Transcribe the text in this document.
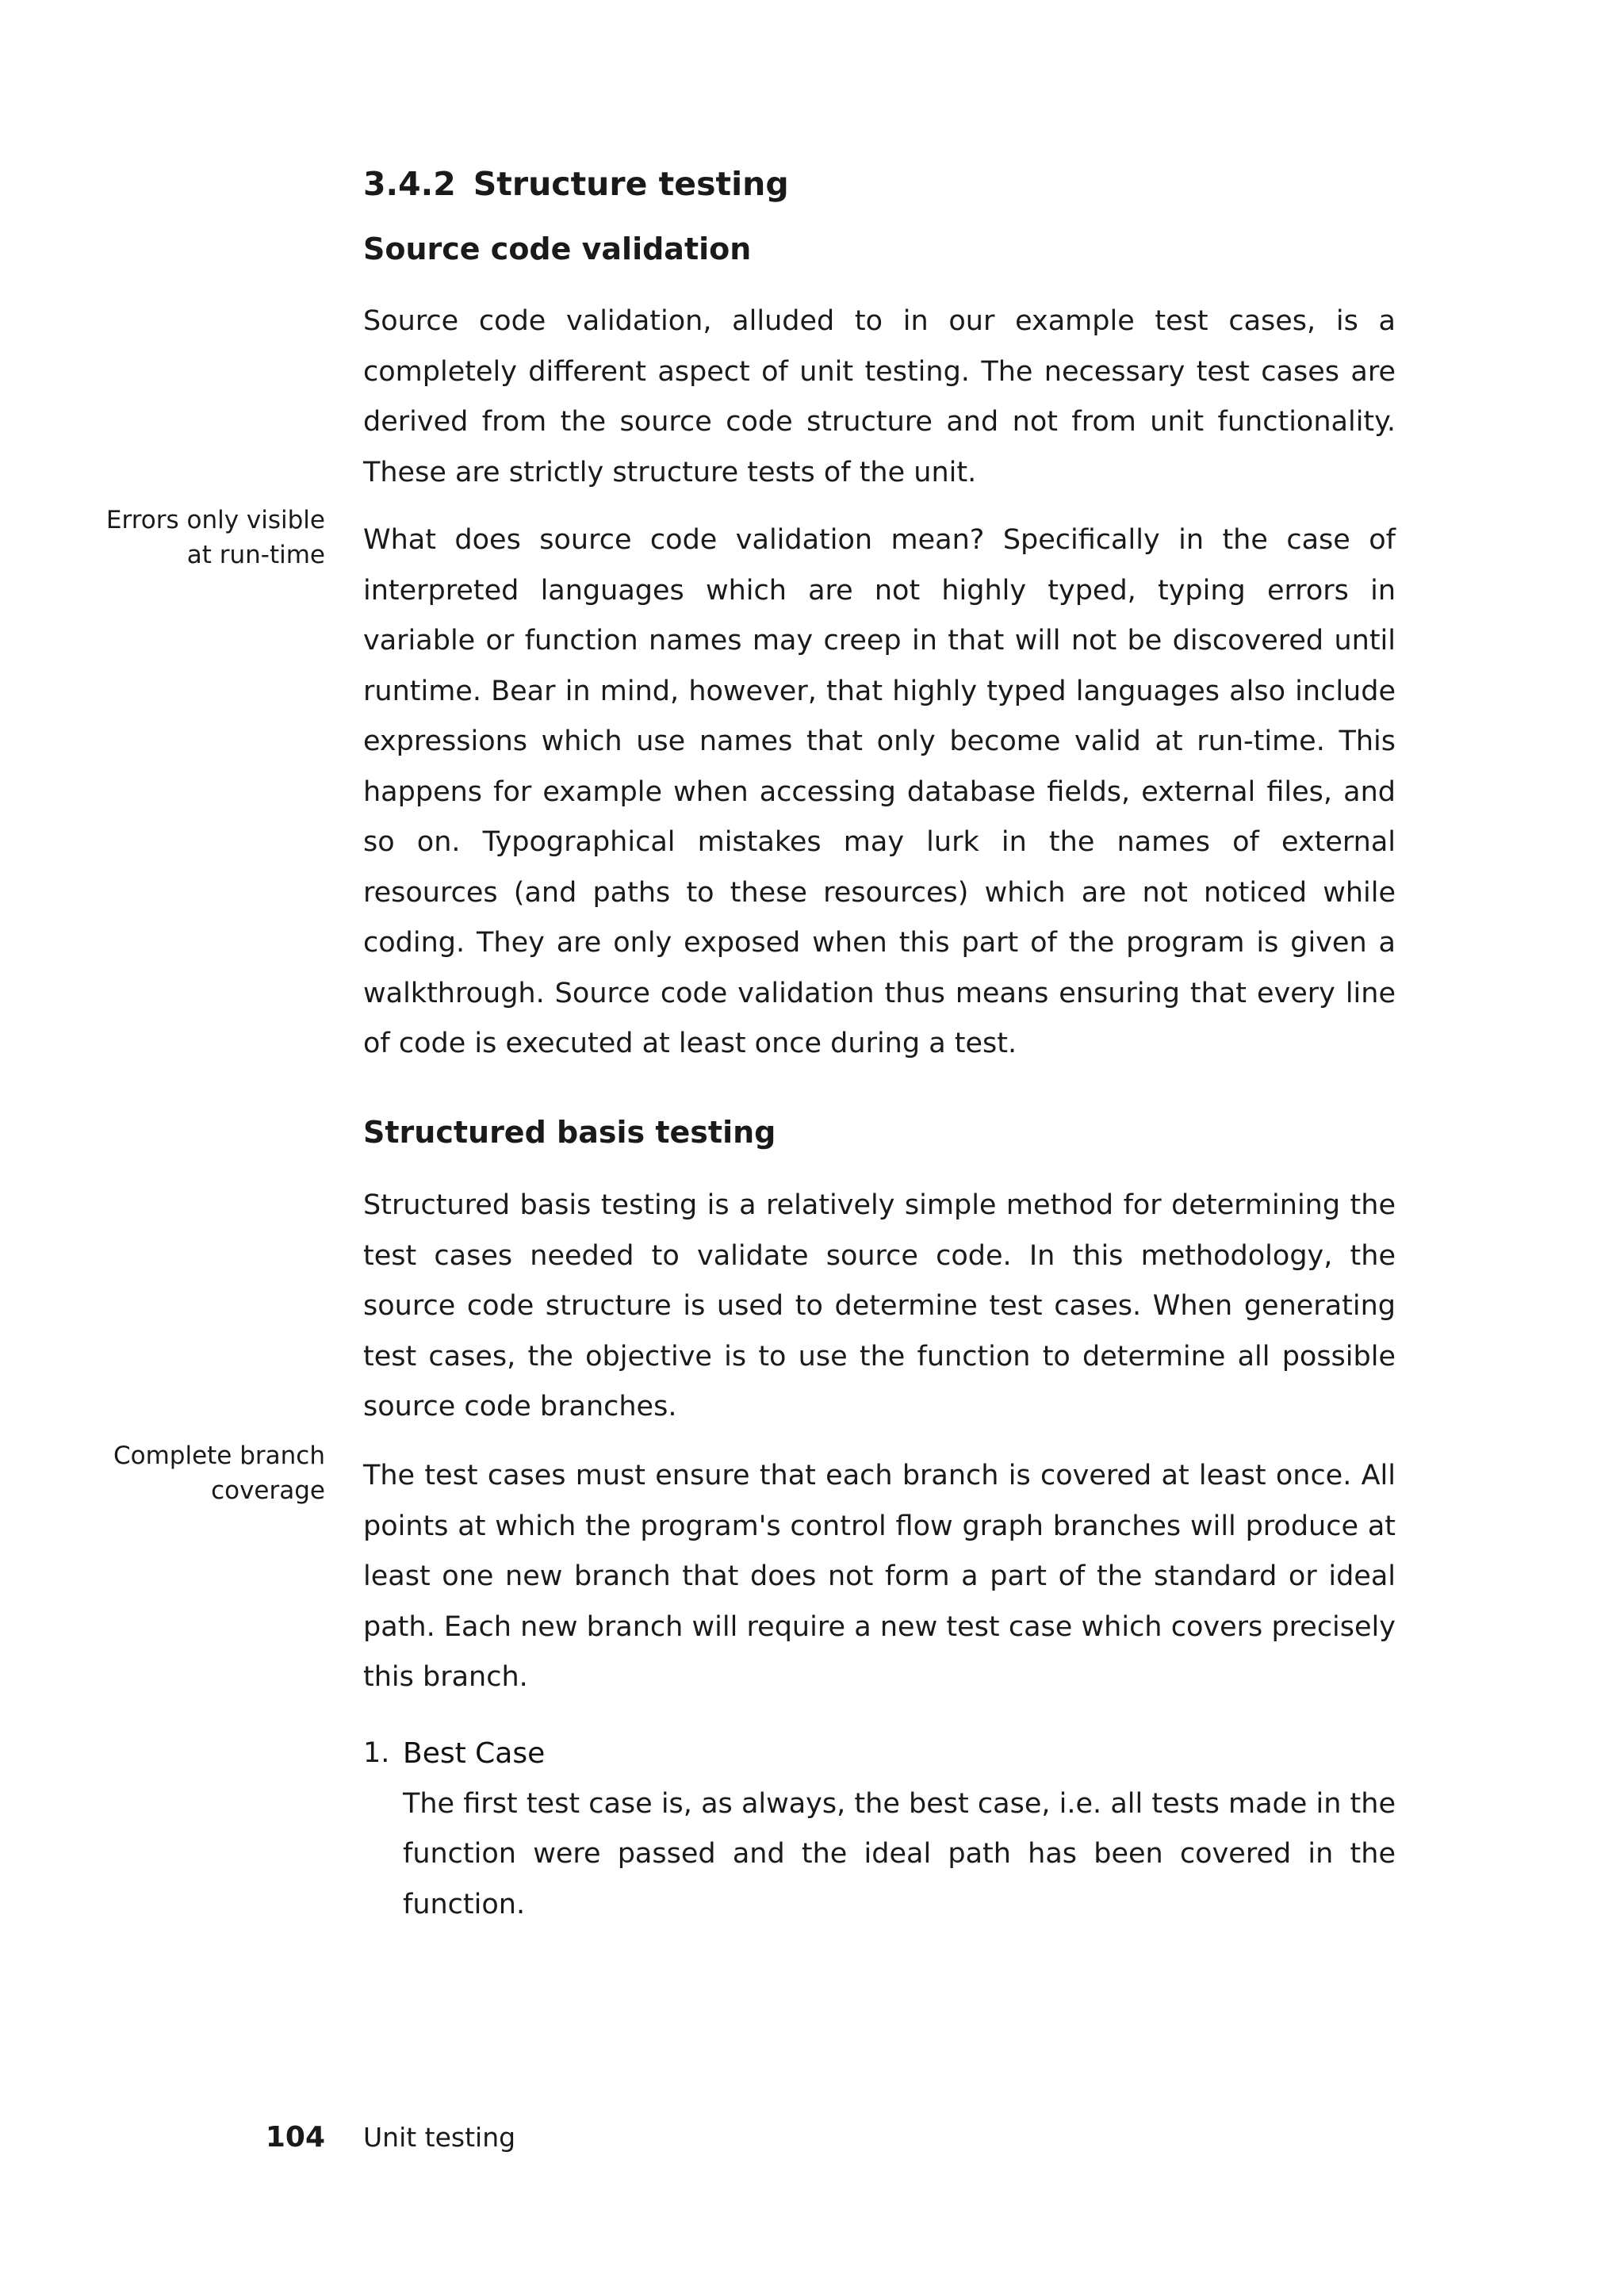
3.4.2 Structure testing
Source code validation

Source code validation, alluded to in our example test cases, is a completely different aspect of unit testing. The necessary test cases are derived from the source code structure and not from unit functionality. These are strictly structure tests of the unit.

Errors only visible
at run-time What does source code validation mean? Specifically in the case of interpreted languages which are not highly typed, typing errors in variable or function names may creep in that will not be discovered until runtime. Bear in mind, however, that highly typed languages also include expressions which use names that only become valid at run-time. This happens for example when accessing database fields, external files, and so on. Typographical mistakes may lurk in the names of external resources (and paths to these resources) which are not noticed while coding. They are only exposed when this part of the program is given a walkthrough. Source code validation thus means ensuring that every line of code is executed at least once during a test.

Structured basis testing

Structured basis testing is a relatively simple method for determining the test cases needed to validate source code. In this methodology, the source code structure is used to determine test cases. When generating test cases, the objective is to use the function to determine all possible source code branches.

Complete branch
coverage The test cases must ensure that each branch is covered at least once. All points at which the program's control flow graph branches will produce at least one new branch that does not form a part of the standard or ideal path. Each new branch will require a new test case which covers precisely this branch.

1. Best Case

The first test case is, as always, the best case, i.e. all tests made in the function were passed and the ideal path has been covered in the function.

104 Unit testing
